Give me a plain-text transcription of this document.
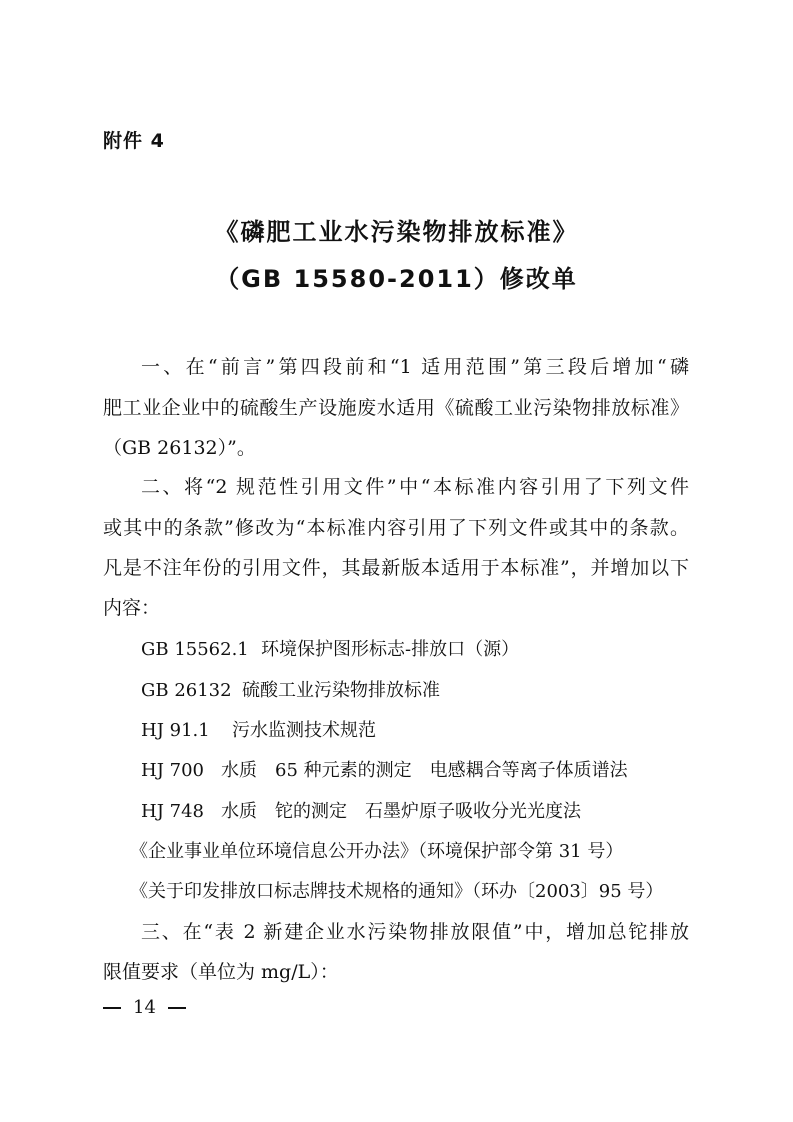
附件 4
《磷肥工业水污染物排放标准》
（GB 15580-2011）修改单
一、在“前言”第四段前和“1 适用范围”第三段后增加“磷
肥工业企业中的硫酸生产设施废水适用《硫酸工业污染物排放标准》
（GB 26132）”。
二、将“2 规范性引用文件”中“本标准内容引用了下列文件
或其中的条款”修改为“本标准内容引用了下列文件或其中的条款。
凡是不注年份的引用文件，其最新版本适用于本标准”，并增加以下
内容：
GB 15562.1 环境保护图形标志-排放口（源）
GB 26132 硫酸工业污染物排放标准
HJ 91.1 污水监测技术规范
HJ 700 水质　65 种元素的测定　电感耦合等离子体质谱法
HJ 748 水质　铊的测定　石墨炉原子吸收分光光度法
《企业事业单位环境信息公开办法》（环境保护部令第 31 号）
《关于印发排放口标志牌技术规格的通知》（环办〔2003〕95 号）
三、在“表 2 新建企业水污染物排放限值”中，增加总铊排放
限值要求（单位为 mg/L）：
14
